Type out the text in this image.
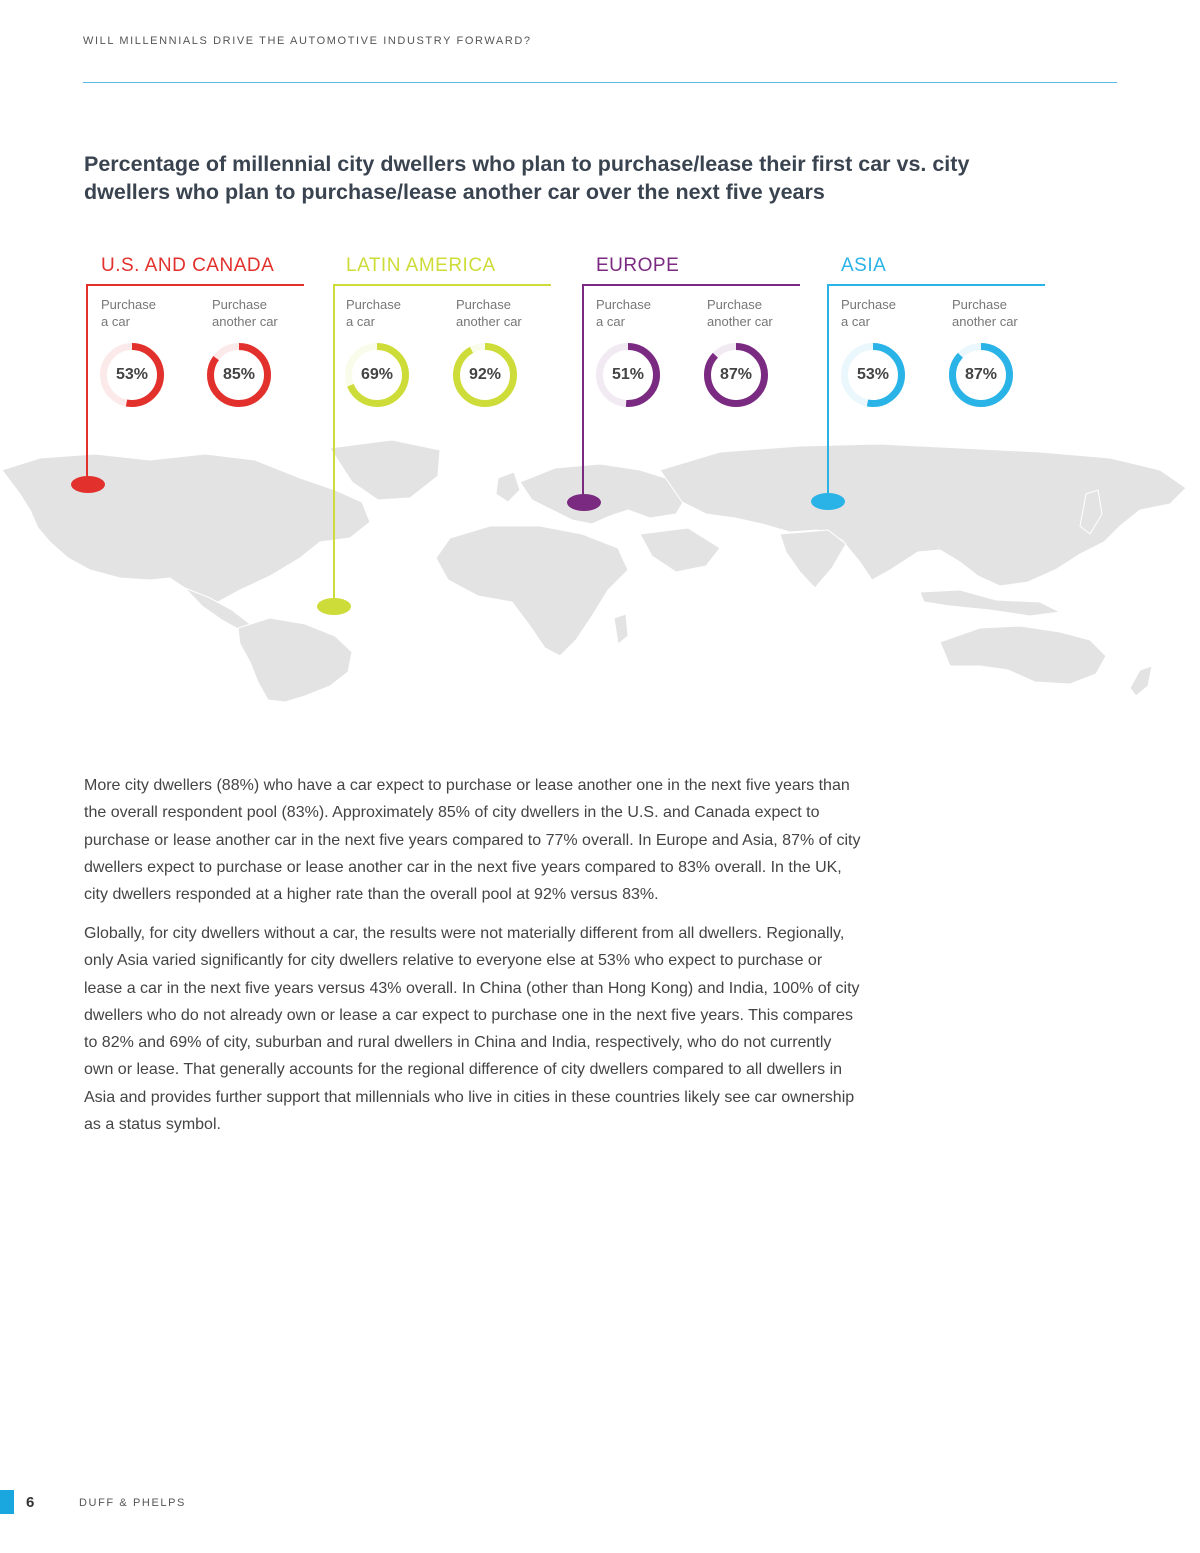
WILL MILLENNIALS DRIVE THE AUTOMOTIVE INDUSTRY FORWARD?
Percentage of millennial city dwellers who plan to purchase/lease their first car vs. city dwellers who plan to purchase/lease another car over the next five years
U.S. AND CANADA
Purchase
a car
Purchase
another car
53%	85%
LATIN AMERICA
Purchase
a car
Purchase
another car
69%	92%
EUROPE
Purchase
a car
Purchase
another car
51%	87%
ASIA
Purchase
a car
Purchase
another car
53%	87%

More city dwellers (88%) who have a car expect to purchase or lease another one in the next five years than the overall respondent pool (83%). Approximately 85% of city dwellers in the U.S. and Canada expect to purchase or lease another car in the next five years compared to 77% overall. In Europe and Asia, 87% of city dwellers expect to purchase or lease another car in the next five years compared to 83% overall. In the UK, city dwellers responded at a higher rate than the overall pool at 92% versus 83%.

Globally, for city dwellers without a car, the results were not materially different from all dwellers. Regionally, only Asia varied significantly for city dwellers relative to everyone else at 53% who expect to purchase or lease a car in the next five years versus 43% overall. In China (other than Hong Kong) and India, 100% of city dwellers who do not already own or lease a car expect to purchase one in the next five years. This compares to 82% and 69% of city, suburban and rural dwellers in China and India, respectively, who do not currently own or lease. That generally accounts for the regional difference of city dwellers compared to all dwellers in Asia and provides further support that millennials who live in cities in these countries likely see car ownership as a status symbol.

6	DUFF & PHELPS
